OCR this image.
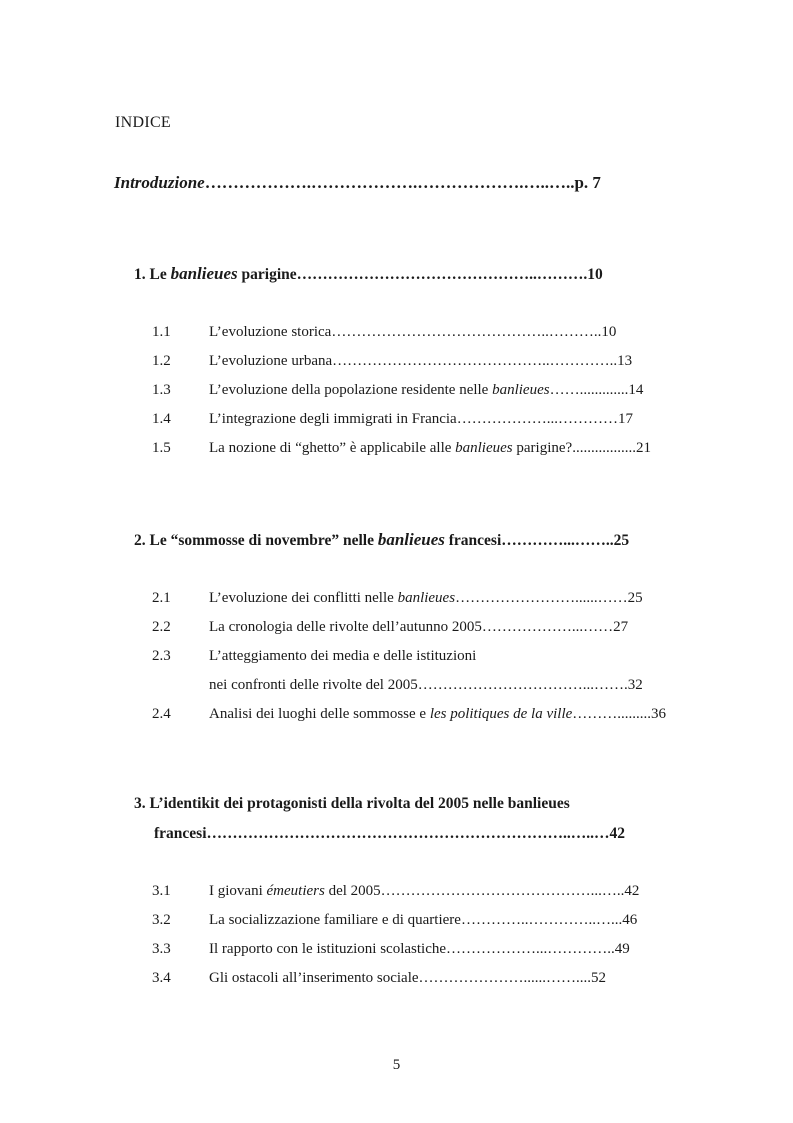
INDICE
Introduzione……………….……………….……………….…..…..p. 7
1. Le banlieues parigine………………………………………..……….10
1.1	L’evoluzione storica……………………………………..………..10
1.2	L’evoluzione urbana……………………………………..…………..13
1.3	L’evoluzione della popolazione residente nelle banlieues…….............14
1.4	L’integrazione degli immigrati in Francia………………...…………17
1.5	La nozione di “ghetto” è applicabile alle banlieues parigine?.................21
2. Le “sommosse di novembre” nelle banlieues francesi…………...……..25
2.1	L’evoluzione dei conflitti nelle banlieues……………………......……25
2.2	La cronologia delle rivolte dell’autunno 2005………………...……27
2.3	L’atteggiamento dei media e delle istituzioni
nei confronti delle rivolte del 2005……………………………...…….32
2.4	Analisi dei luoghi delle sommosse e les politiques de la ville……….........36
3. L’identikit dei protagonisti della rivolta del 2005 nelle banlieues
francesi……………………………………………………………..…..…42
3.1	I giovani émeutiers del 2005……………………………………...…..42
3.2	La socializzazione familiare e di quartiere…………..…………..…...46
3.3	Il rapporto con le istituzioni scolastiche………………...…………..49
3.4	Gli ostacoli all’inserimento sociale…………………......……....52
5
